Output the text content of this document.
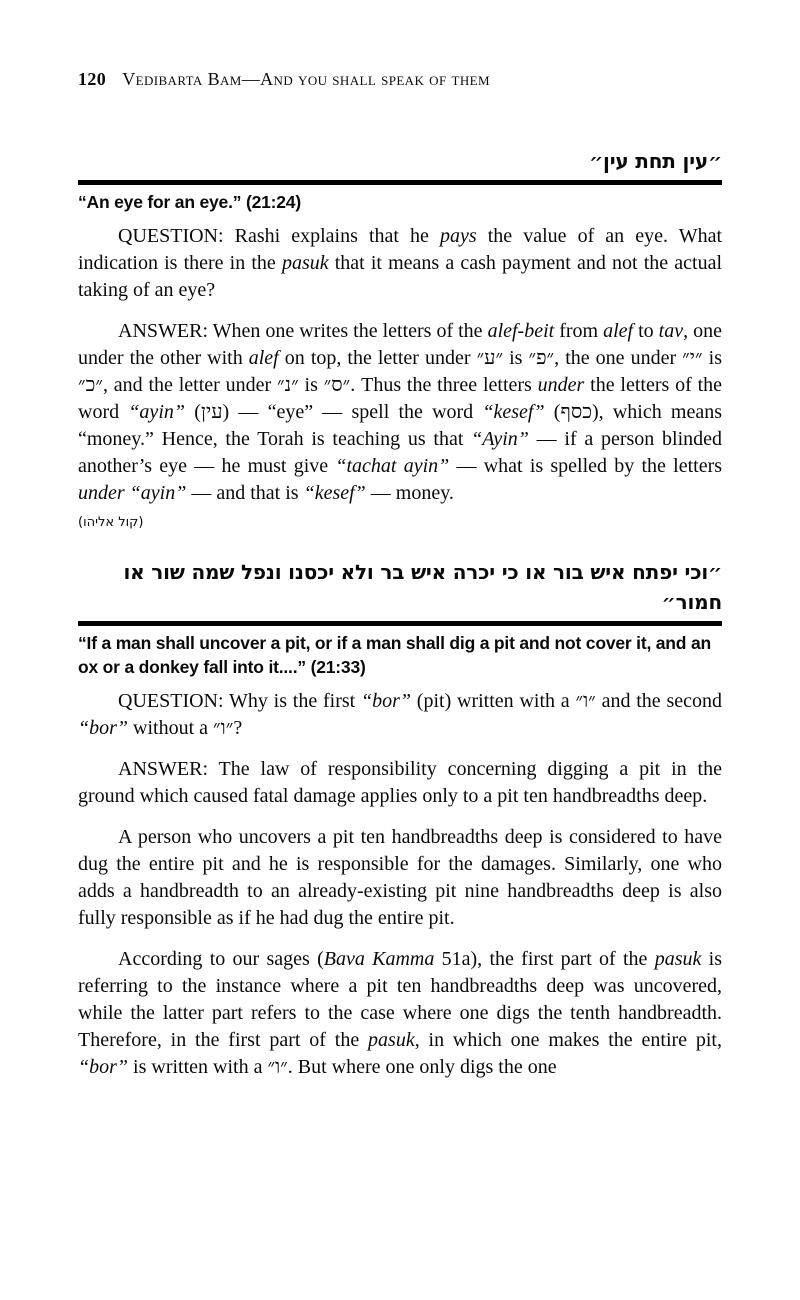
120 Vedibarta Bam—And you shall speak of them
״עין תחת עין״
“An eye for an eye.” (21:24)

QUESTION: Rashi explains that he pays the value of an eye. What indication is there in the pasuk that it means a cash payment and not the actual taking of an eye?

ANSWER: When one writes the letters of the alef-beit from alef to tav, one under the other with alef on top, the letter under ״ע״ is ״פ״, the one under ״י״ is ״כ״, and the letter under ״נ״ is ״ס״. Thus the three letters under the letters of the word “ayin” (עין) — “eye” — spell the word “kesef” (כסף), which means “money.” Hence, the Torah is teaching us that “Ayin” — if a person blinded another’s eye — he must give “tachat ayin” — what is spelled by the letters under “ayin” — and that is “kesef” — money.

(קול אליהו)
״וכי יפתח איש בור או כי יכרה איש בר ולא יכסנו ונפל שמה שור או חמור״
“If a man shall uncover a pit, or if a man shall dig a pit and not cover it, and an ox or a donkey fall into it....” (21:33)

QUESTION: Why is the first “bor” (pit) written with a ״ו״ and the second “bor” without a ״ו״?

ANSWER: The law of responsibility concerning digging a pit in the ground which caused fatal damage applies only to a pit ten handbreadths deep.

A person who uncovers a pit ten handbreadths deep is considered to have dug the entire pit and he is responsible for the damages. Similarly, one who adds a handbreadth to an already-existing pit nine handbreadths deep is also fully responsible as if he had dug the entire pit.

According to our sages (Bava Kamma 51a), the first part of the pasuk is referring to the instance where a pit ten handbreadths deep was uncovered, while the latter part refers to the case where one digs the tenth handbreadth. Therefore, in the first part of the pasuk, in which one makes the entire pit, “bor” is written with a ״ו״. But where one only digs the one
